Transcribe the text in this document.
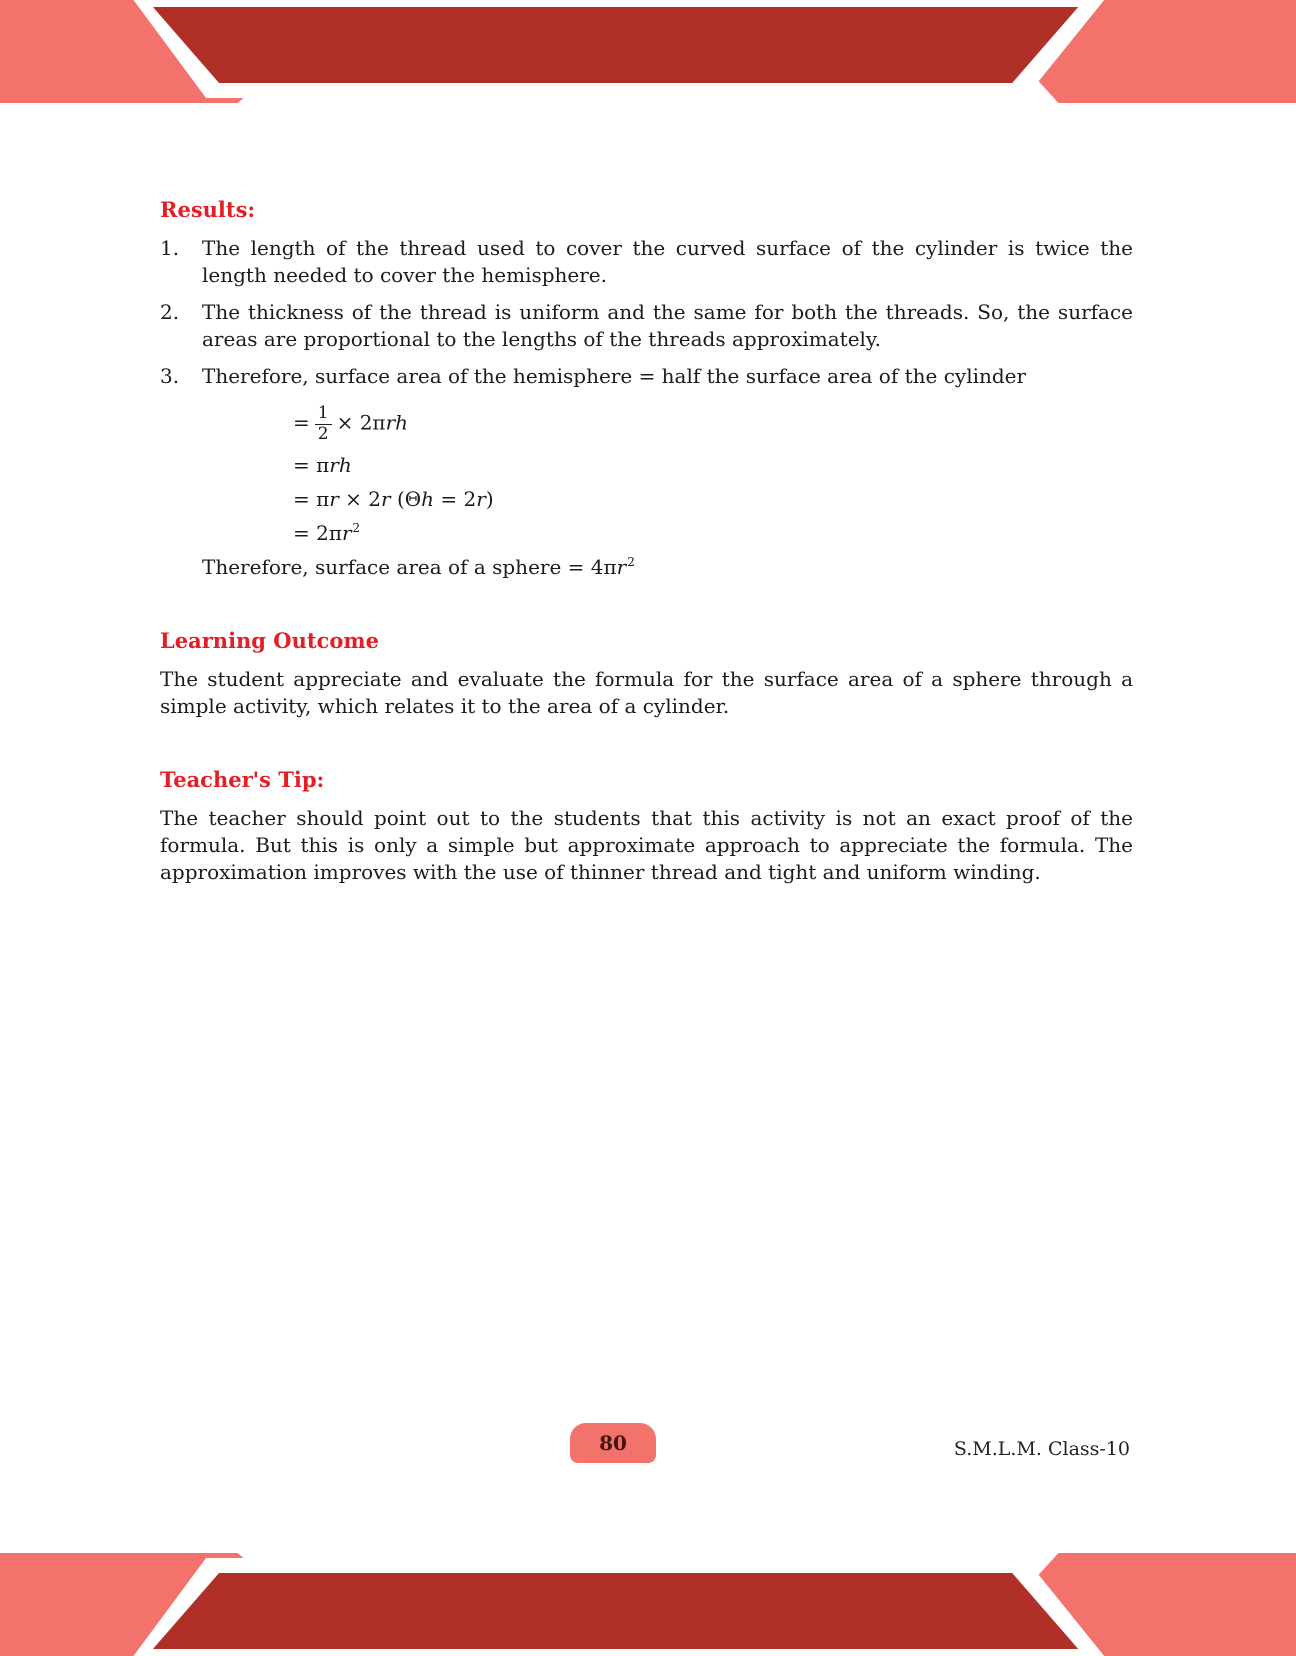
Results:
1.	The length of the thread used to cover the curved surface of the cylinder is twice the length needed to cover the hemisphere.
2.	The thickness of the thread is uniform and the same for both the threads. So, the surface areas are proportional to the lengths of the threads approximately.
3.	Therefore, surface area of the hemisphere = half the surface area of the cylinder
= $\frac{1}{2} \times 2\pi rh$
= πrh
= πr × 2r (Θh = 2r)
= $2\pi r^2$
Therefore, surface area of a sphere = $4\pi r^2$
Learning Outcome

The student appreciate and evaluate the formula for the surface area of a sphere through a simple activity, which relates it to the area of a cylinder.

Teacher's Tip:

The teacher should point out to the students that this activity is not an exact proof of the formula. But this is only a simple but approximate approach to appreciate the formula. The approximation improves with the use of thinner thread and tight and uniform winding.

80	S.M.L.M. Class-10
